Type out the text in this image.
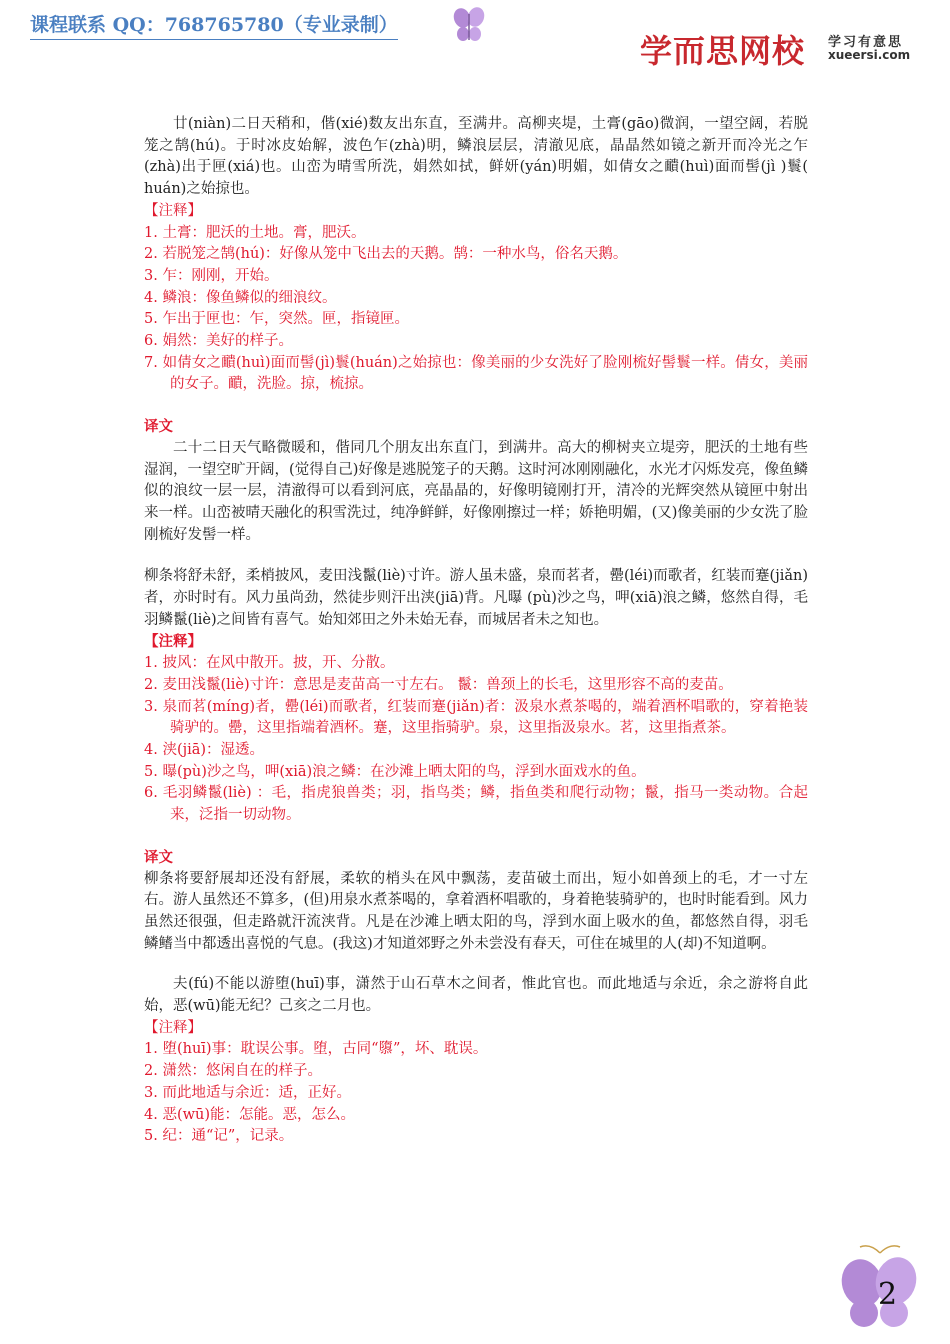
课程联系 QQ：768765780（专业录制）
学而思网校 学习有意思
xueersi.com

廿(niàn)二日天稍和，偕(xié)数友出东直，至满井。高柳夹堤，土膏(gāo)微润，一望空阔，若脱笼之鹄(hú)。于时冰皮始解，波色乍(zhà)明，鳞浪层层，清澈见底，晶晶然如镜之新开而冷光之乍(zhà)出于匣(xiá)也。山峦为晴雪所洗，娟然如拭，鲜妍(yán)明媚，如倩女之靧(huì)面而髻(jì )鬟( huán)之始掠也。

【注释】

1. 土膏：肥沃的土地。膏，肥沃。

2. 若脱笼之鹄(hú)：好像从笼中飞出去的天鹅。鹄：一种水鸟，俗名天鹅。

3. 乍：刚刚，开始。

4. 鳞浪：像鱼鳞似的细浪纹。

5. 乍出于匣也：乍，突然。匣，指镜匣。

6. 娟然：美好的样子。

7. 如倩女之靧(huì)面而髻(jì)鬟(huán)之始掠也：像美丽的少女洗好了脸刚梳好髻鬟一样。倩女，美丽的女子。靧，洗脸。掠，梳掠。

译文

二十二日天气略微暖和，偕同几个朋友出东直门，到满井。高大的柳树夹立堤旁，肥沃的土地有些湿润，一望空旷开阔，(觉得自己)好像是逃脱笼子的天鹅。这时河冰刚刚融化，水光才闪烁发亮，像鱼鳞似的浪纹一层一层，清澈得可以看到河底，亮晶晶的，好像明镜刚打开，清冷的光辉突然从镜匣中射出来一样。山峦被晴天融化的积雪洗过，纯净鲜鲜，好像刚擦过一样；娇艳明媚，(又)像美丽的少女洗了脸刚梳好发髻一样。

柳条将舒未舒，柔梢披风，麦田浅鬣(liè)寸许。游人虽未盛，泉而茗者，罍(léi)而歌者，红装而蹇(jiǎn)者，亦时时有。风力虽尚劲，然徒步则汗出浃(jiā)背。凡曝 (pù)沙之鸟，呷(xiā)浪之鳞，悠然自得，毛羽鳞鬣(liè)之间皆有喜气。始知郊田之外未始无春，而城居者未之知也。

【注释】

1. 披风：在风中散开。披，开、分散。

2. 麦田浅鬣(liè)寸许：意思是麦苗高一寸左右。 鬣：兽颈上的长毛，这里形容不高的麦苗。

3. 泉而茗(míng)者，罍(léi)而歌者，红装而蹇(jiǎn)者：汲泉水煮茶喝的，端着酒杯唱歌的，穿着艳装骑驴的。罍，这里指端着酒杯。蹇，这里指骑驴。泉，这里指汲泉水。茗，这里指煮茶。

4. 浃(jiā)：湿透。

5. 曝(pù)沙之鸟，呷(xiā)浪之鳞：在沙滩上晒太阳的鸟，浮到水面戏水的鱼。

6. 毛羽鳞鬣(liè) ：毛，指虎狼兽类；羽，指鸟类；鳞，指鱼类和爬行动物；鬣，指马一类动物。合起来，泛指一切动物。

译文

柳条将要舒展却还没有舒展，柔软的梢头在风中飘荡，麦苗破土而出，短小如兽颈上的毛，才一寸左右。游人虽然还不算多，(但)用泉水煮茶喝的，拿着酒杯唱歌的，身着艳装骑驴的，也时时能看到。风力虽然还很强，但走路就汗流浃背。凡是在沙滩上晒太阳的鸟，浮到水面上吸水的鱼，都悠然自得，羽毛鳞鳍当中都透出喜悦的气息。(我这)才知道郊野之外未尝没有春天，可住在城里的人(却)不知道啊。

夫(fú)不能以游堕(huī)事，潇然于山石草木之间者，惟此官也。而此地适与余近，余之游将自此始，恶(wū)能无纪？己亥之二月也。

【注释】

1. 堕(huī)事：耽误公事。堕，古同“隳”，坏、耽误。

2. 潇然：悠闲自在的样子。

3. 而此地适与余近：适，正好。

4. 恶(wū)能：怎能。恶，怎么。

5. 纪：通“记”，记录。

2
